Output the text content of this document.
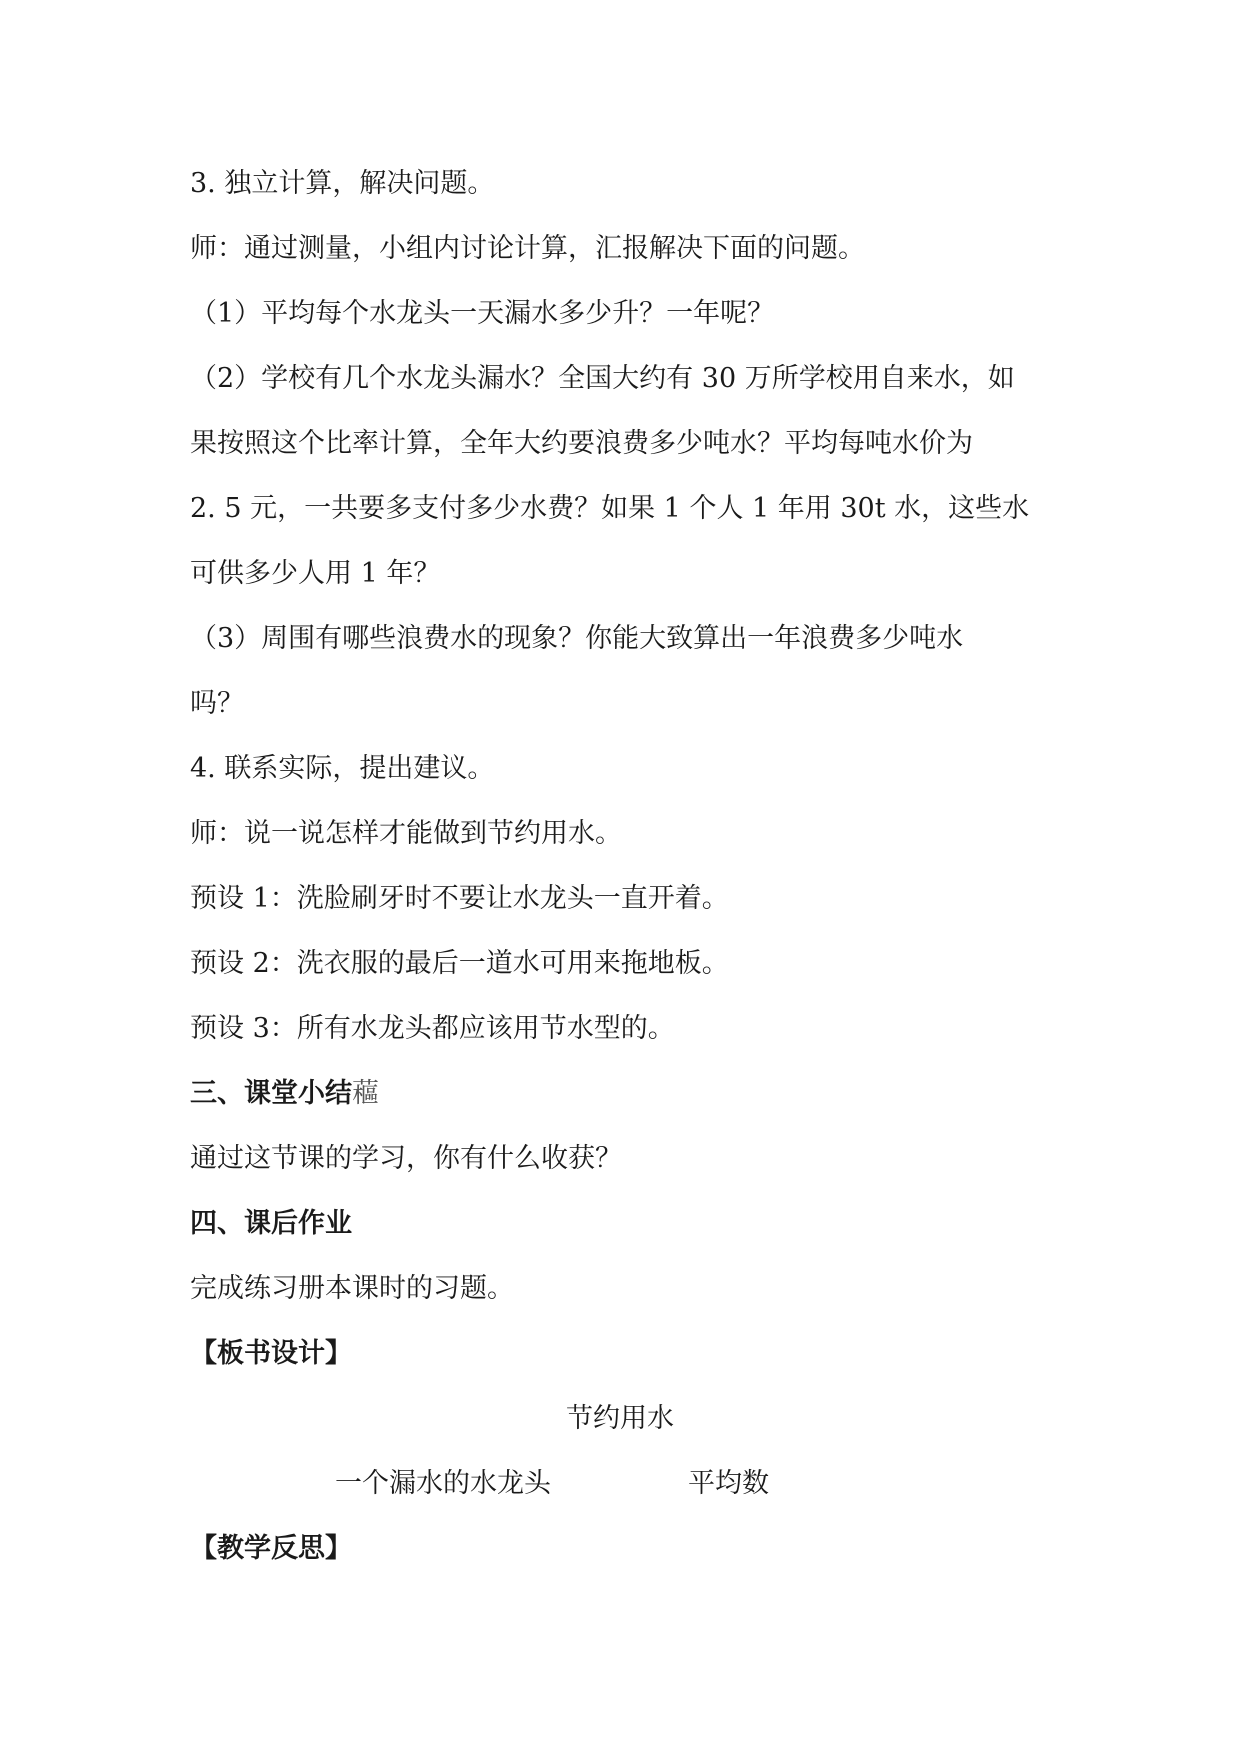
3. 独立计算，解决问题。
师：通过测量，小组内讨论计算，汇报解决下面的问题。
（1）平均每个水龙头一天漏水多少升？一年呢？
（2）学校有几个水龙头漏水？全国大约有 30 万所学校用自来水，如
果按照这个比率计算，全年大约要浪费多少吨水？平均每吨水价为
2. 5 元，一共要多支付多少水费？如果 1 个人 1 年用 30t 水，这些水
可供多少人用 1 年？
（3）周围有哪些浪费水的现象？你能大致算出一年浪费多少吨水
吗？
4. 联系实际，提出建议。
师：说一说怎样才能做到节约用水。
预设 1：洗脸刷牙时不要让水龙头一直开着。
预设 2：洗衣服的最后一道水可用来拖地板。
预设 3：所有水龙头都应该用节水型的。
三、课堂小结藲
通过这节课的学习，你有什么收获？
四、课后作业
完成练习册本课时的习题。
【板书设计】
节约用水
一个漏水的水龙头	平均数
【教学反思】
